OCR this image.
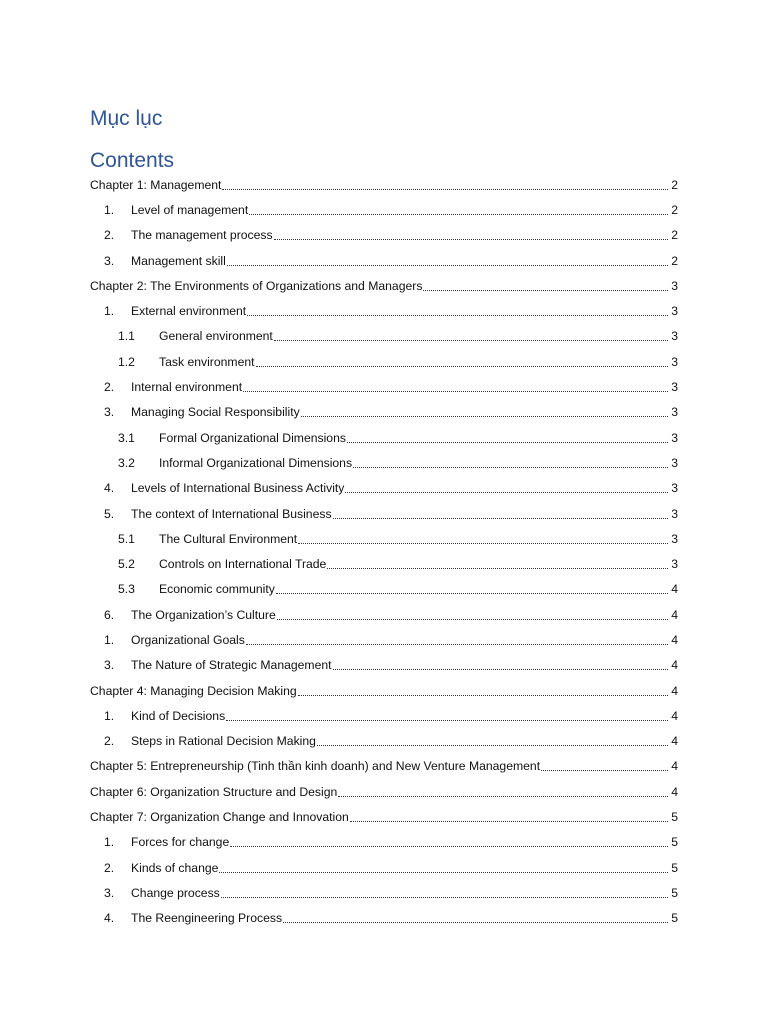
Mục lục
Contents
Chapter 1: Management	2
1.	Level of management	2
2.	The management process	2
3.	Management skill	2
Chapter 2: The Environments of Organizations and Managers	3
1.	External environment	3
1.1	General environment	3
1.2	Task environment	3
2.	Internal environment	3
3.	Managing Social Responsibility	3
3.1	Formal Organizational Dimensions	3
3.2	Informal Organizational Dimensions	3
4.	Levels of International Business Activity	3
5.	The context of International Business	3
5.1	The Cultural Environment	3
5.2	Controls on International Trade	3
5.3	Economic community	4
6.	The Organization’s Culture	4
1.	Organizational Goals	4
3.	The Nature of Strategic Management	4
Chapter 4: Managing Decision Making	4
1.	Kind of Decisions	4
2.	Steps in Rational Decision Making	4
Chapter 5: Entrepreneurship (Tinh thần kinh doanh) and New Venture Management	4
Chapter 6: Organization Structure and Design	4
Chapter 7: Organization Change and Innovation	5
1.	Forces for change	5
2.	Kinds of change	5
3.	Change process	5
4.	The Reengineering Process	5
